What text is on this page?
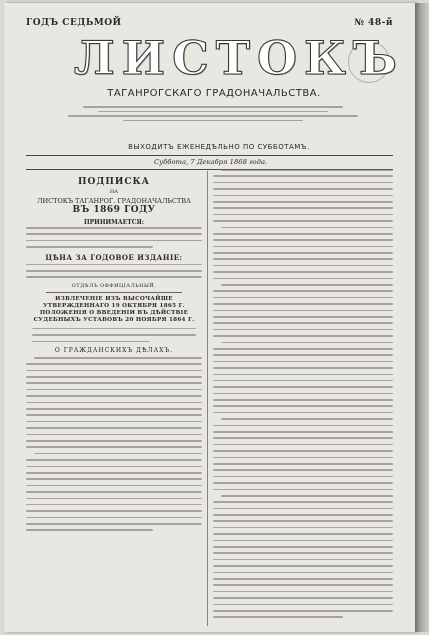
ГОДЪ СЕДЬМОЙ	№ 48-й
ЛИСТОКЪ
ТАГАНРОГСКАГО ГРАДОНАЧАЛЬСТВА.
ВЫХОДИТЪ ЕЖЕНЕДѢЛЬНО ПО СУББОТАМЪ.
Суббота, 7 Декабря 1868 года.
ПОДПИСКА
НА
ЛИСТОКЪ ТАГАНРОГ. ГРАДОНАЧАЛЬСТВА
ВЪ 1869 ГОДУ
ПРИНИМАЕТСЯ:
ЦѢНА ЗА ГОДОВОЕ ИЗДАНІЕ:
ОТДѢЛЪ ОФФИЦІАЛЬНЫЙ.
ИЗВЛЕЧЕНІЕ ИЗЪ ВЫСОЧАЙШЕ УТВЕРЖДЕННАГО 19 ОКТЯБРЯ 1865 Г. ПОЛОЖЕНІЯ О ВВЕДЕНІИ ВЪ ДѢЙСТВІЕ СУДЕБНЫХЪ УСТАВОВЪ 20 НОЯБРЯ 1864 Г.
О ГРАЖДАНСКИХЪ ДѢЛАХЪ.
